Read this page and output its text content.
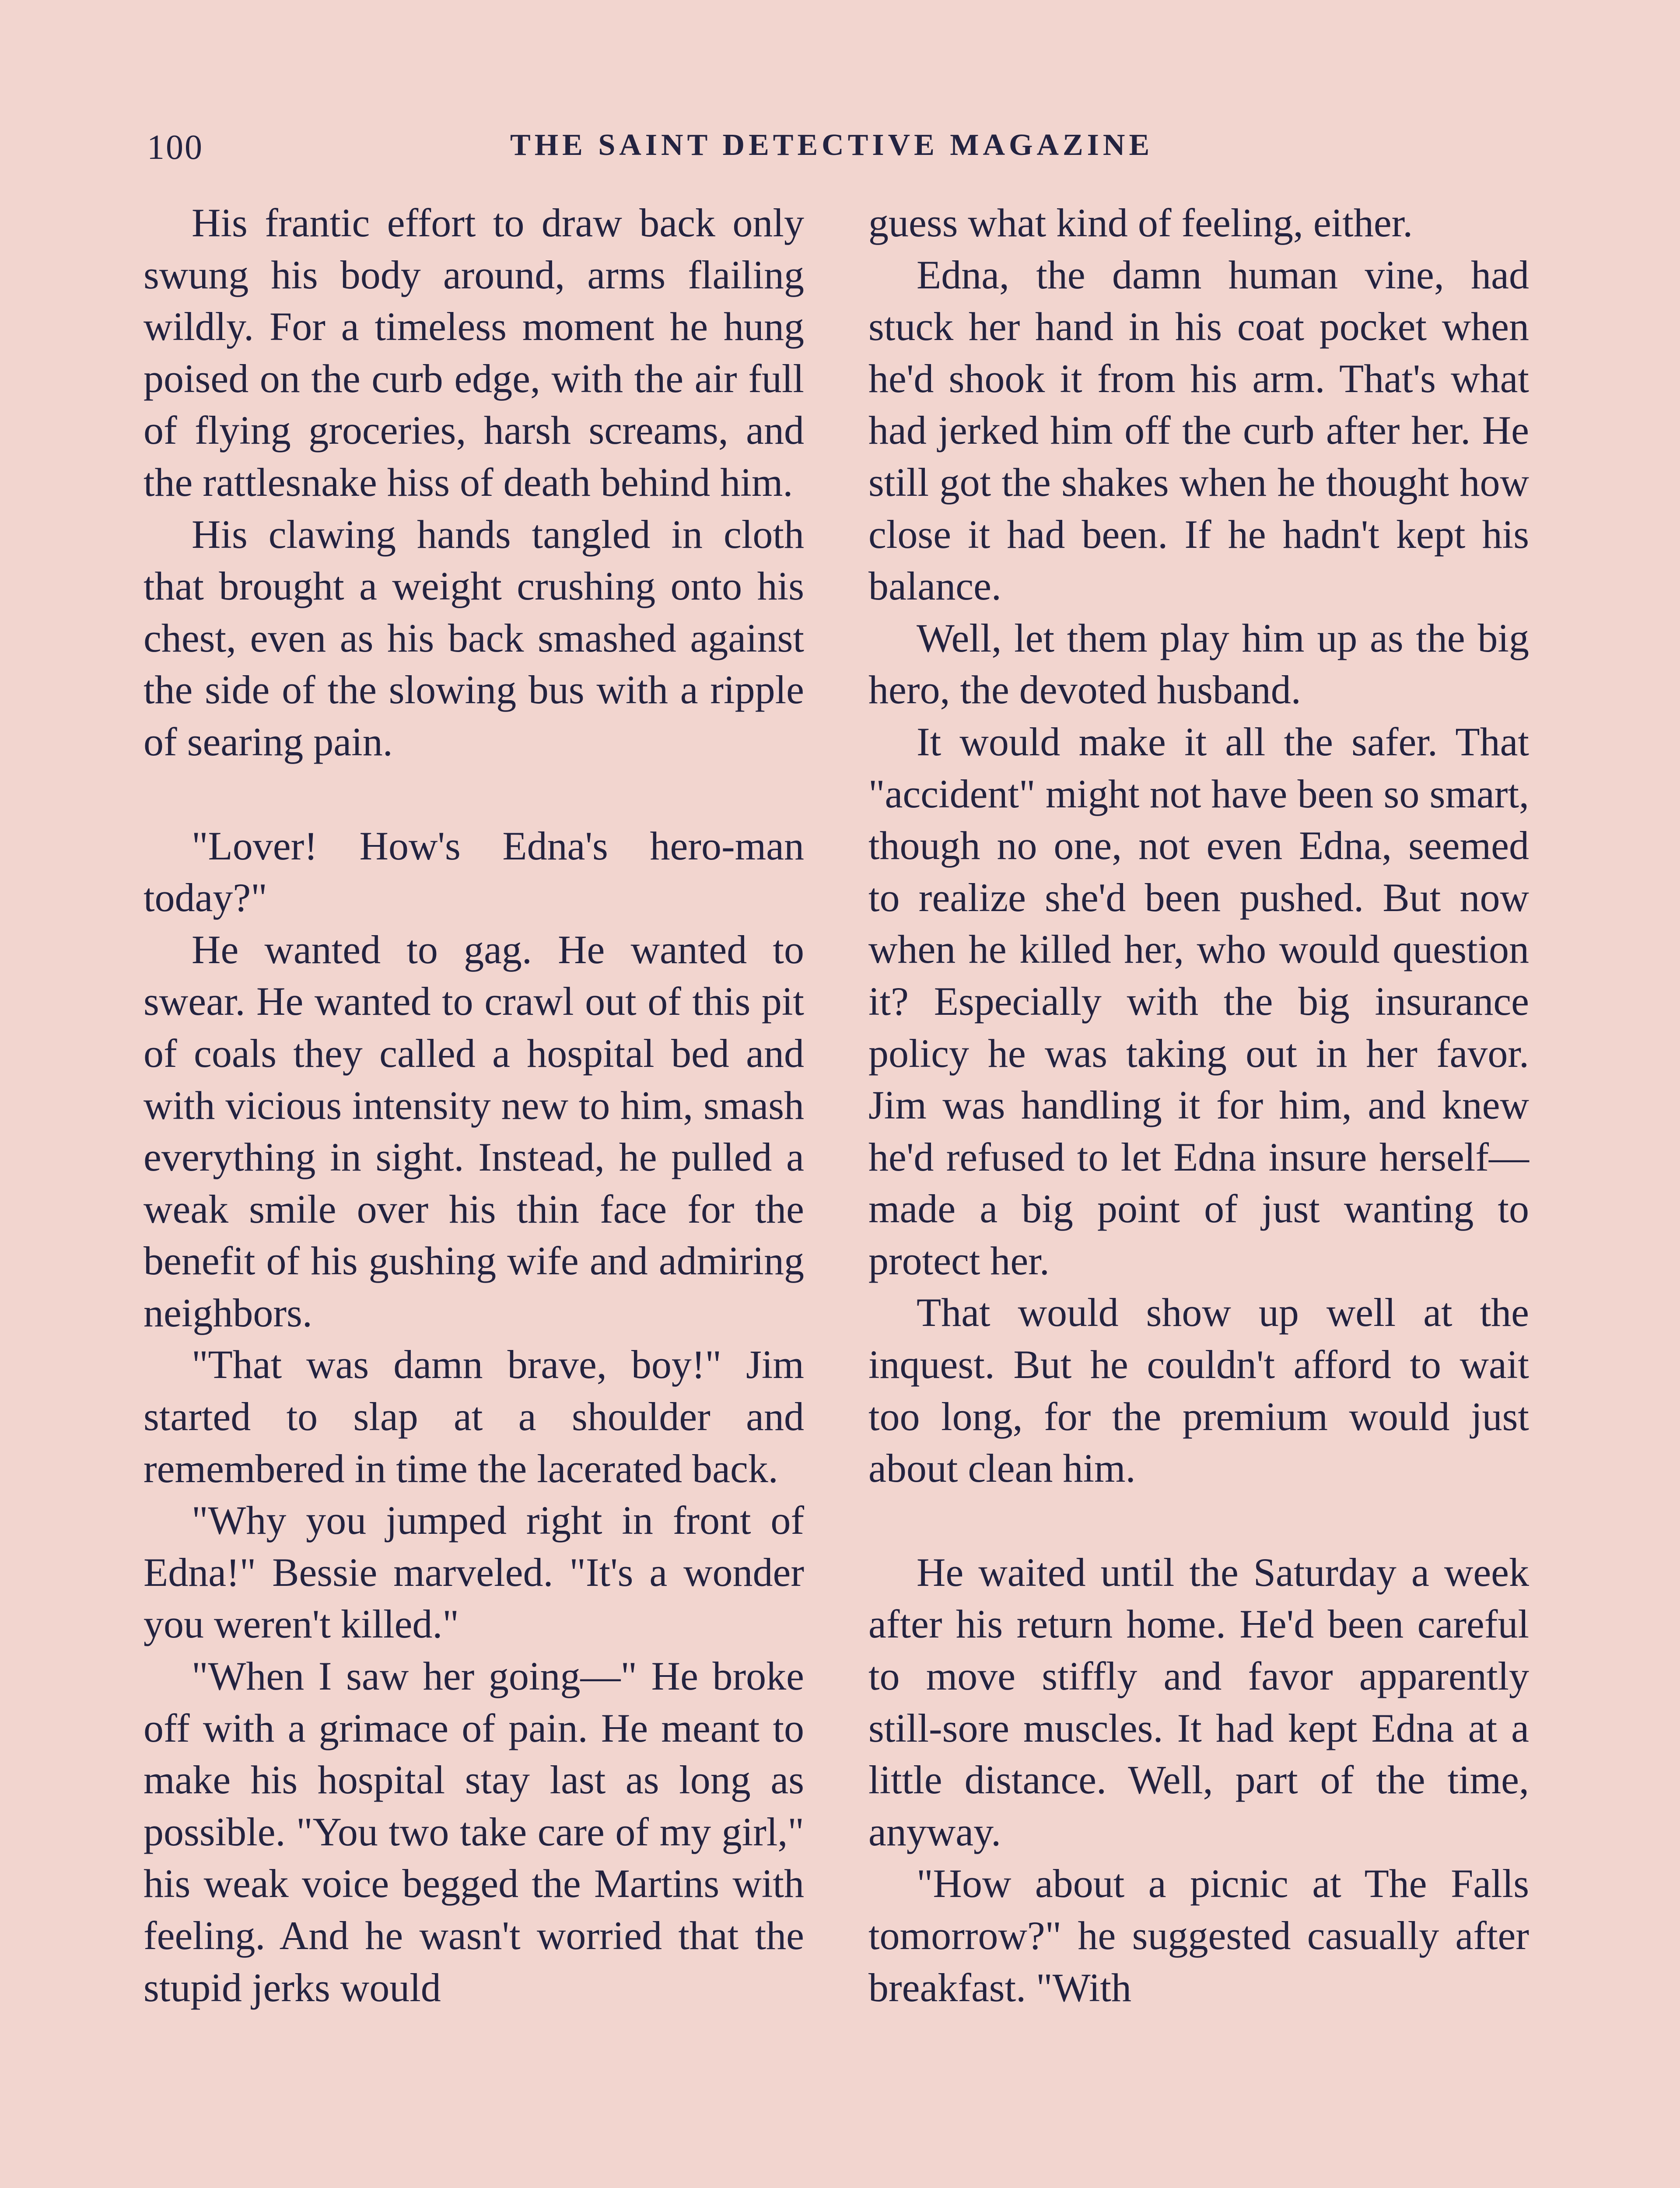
100	THE SAINT DETECTIVE MAGAZINE

His frantic effort to draw back only swung his body around, arms flailing wildly. For a timeless moment he hung poised on the curb edge, with the air full of flying groceries, harsh screams, and the rattlesnake hiss of death behind him.

His clawing hands tangled in cloth that brought a weight crushing onto his chest, even as his back smashed against the side of the slowing bus with a ripple of searing pain.

"Lover! How's Edna's hero-man today?"

He wanted to gag. He wanted to swear. He wanted to crawl out of this pit of coals they called a hospital bed and with vicious intensity new to him, smash everything in sight. Instead, he pulled a weak smile over his thin face for the benefit of his gushing wife and admiring neighbors.

"That was damn brave, boy!" Jim started to slap at a shoulder and remembered in time the lacerated back.

"Why you jumped right in front of Edna!" Bessie marveled. "It's a wonder you weren't killed."

"When I saw her going—" He broke off with a grimace of pain. He meant to make his hospital stay last as long as possible. "You two take care of my girl," his weak voice begged the Martins with feeling. And he wasn't worried that the stupid jerks would

guess what kind of feeling, either.

Edna, the damn human vine, had stuck her hand in his coat pocket when he'd shook it from his arm. That's what had jerked him off the curb after her. He still got the shakes when he thought how close it had been. If he hadn't kept his balance.

Well, let them play him up as the big hero, the devoted husband.

It would make it all the safer. That "accident" might not have been so smart, though no one, not even Edna, seemed to realize she'd been pushed. But now when he killed her, who would question it? Especially with the big insurance policy he was taking out in her favor. Jim was handling it for him, and knew he'd refused to let Edna insure herself—made a big point of just wanting to protect her.

That would show up well at the inquest. But he couldn't afford to wait too long, for the premium would just about clean him.

He waited until the Saturday a week after his return home. He'd been careful to move stiffly and favor apparently still-sore muscles. It had kept Edna at a little distance. Well, part of the time, anyway.

"How about a picnic at The Falls tomorrow?" he suggested casually after breakfast. "With
